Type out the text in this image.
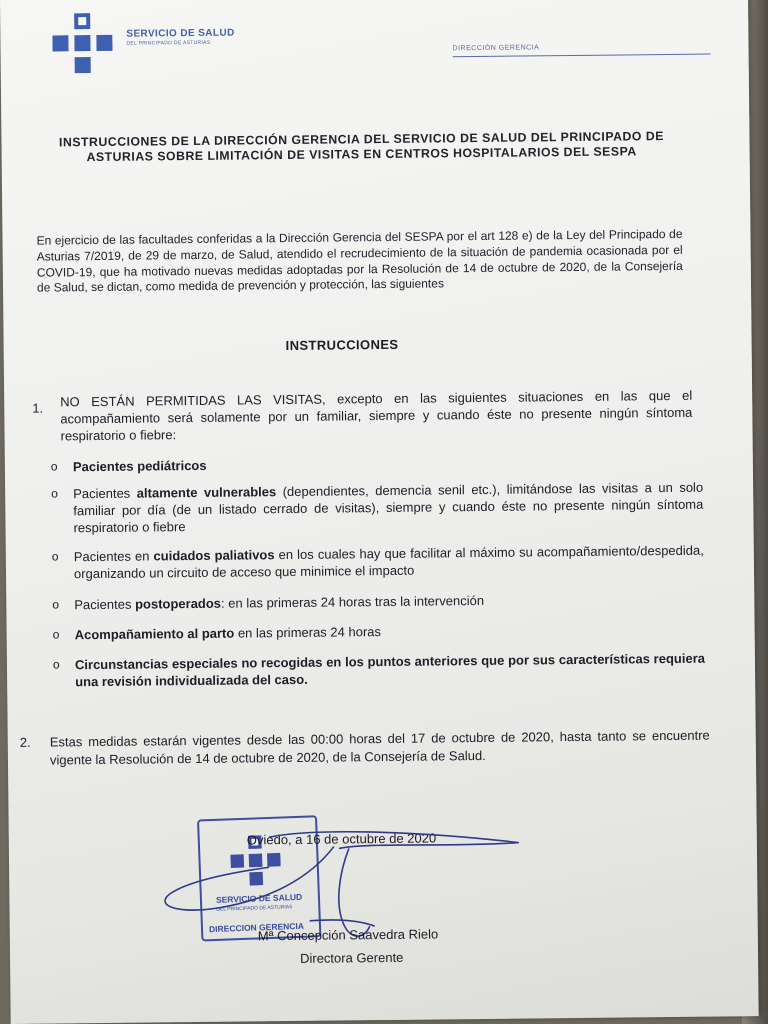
SERVICIO DE SALUD
DEL PRINCIPADO DE ASTURIAS
DIRECCIÓN GERENCIA
INSTRUCCIONES DE LA DIRECCIÓN GERENCIA DEL SERVICIO DE SALUD DEL PRINCIPADO DE ASTURIAS SOBRE LIMITACIÓN DE VISITAS EN CENTROS HOSPITALARIOS DEL SESPA
En ejercicio de las facultades conferidas a la Dirección Gerencia del SESPA por el art 128 e) de la Ley del Principado de Asturias 7/2019, de 29 de marzo, de Salud, atendido el recrudecimiento de la situación de pandemia ocasionada por el COVID-19, que ha motivado nuevas medidas adoptadas por la Resolución de 14 de octubre de 2020, de la Consejería de Salud, se dictan, como medida de prevención y protección, las siguientes
INSTRUCCIONES
1. NO ESTÁN PERMITIDAS LAS VISITAS, excepto en las siguientes situaciones en las que el acompañamiento será solamente por un familiar, siempre y cuando éste no presente ningún síntoma respiratorio o fiebre:
o Pacientes pediátricos
o Pacientes altamente vulnerables (dependientes, demencia senil etc.), limitándose las visitas a un solo familiar por día (de un listado cerrado de visitas), siempre y cuando éste no presente ningún síntoma respiratorio o fiebre
o Pacientes en cuidados paliativos en los cuales hay que facilitar al máximo su acompañamiento/despedida, organizando un circuito de acceso que minimice el impacto
o Pacientes postoperados: en las primeras 24 horas tras la intervención
o Acompañamiento al parto en las primeras 24 horas
o Circunstancias especiales no recogidas en los puntos anteriores que por sus características requiera una revisión individualizada del caso.
2. Estas medidas estarán vigentes desde las 00:00 horas del 17 de octubre de 2020, hasta tanto se encuentre vigente la Resolución de 14 de octubre de 2020, de la Consejería de Salud.
SERVICIO DE SALUD
DEL PRINCIPADO DE ASTURIAS
DIRECCION GERENCIA
Oviedo, a 16 de octubre de 2020
Mª Concepción Saavedra Rielo
Directora Gerente
